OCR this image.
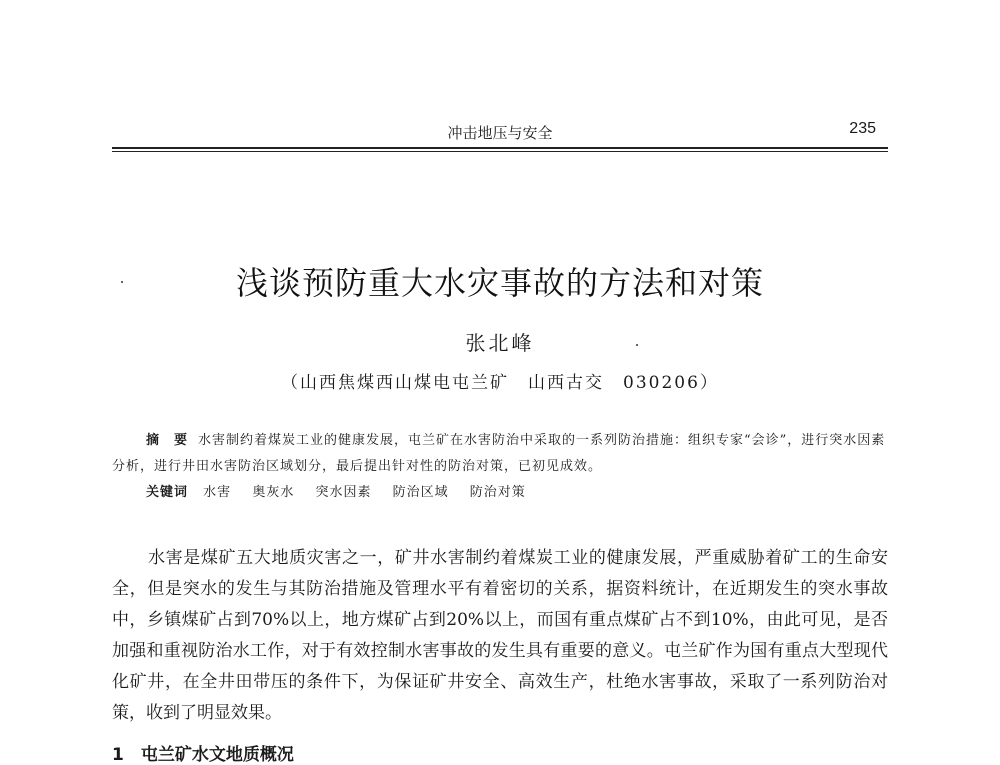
冲击地压与安全	235
浅谈预防重大水灾事故的方法和对策
张北峰
（山西焦煤西山煤电屯兰矿　山西古交　030206）

摘　要 水害制约着煤炭工业的健康发展，屯兰矿在水害防治中采取的一系列防治措施：组织专家“会诊”，进行突水因素分析，进行井田水害防治区域划分，最后提出针对性的防治对策，已初见成效。

关键词 水害 奥灰水 突水因素 防治区域 防治对策

水害是煤矿五大地质灾害之一，矿井水害制约着煤炭工业的健康发展，严重威胁着矿工的生命安全，但是突水的发生与其防治措施及管理水平有着密切的关系，据资料统计，在近期发生的突水事故中，乡镇煤矿占到70%以上，地方煤矿占到20%以上，而国有重点煤矿占不到10%，由此可见，是否加强和重视防治水工作，对于有效控制水害事故的发生具有重要的意义。屯兰矿作为国有重点大型现代化矿井，在全井田带压的条件下，为保证矿井安全、高效生产，杜绝水害事故，采取了一系列防治对策，收到了明显效果。

1　屯兰矿水文地质概况
